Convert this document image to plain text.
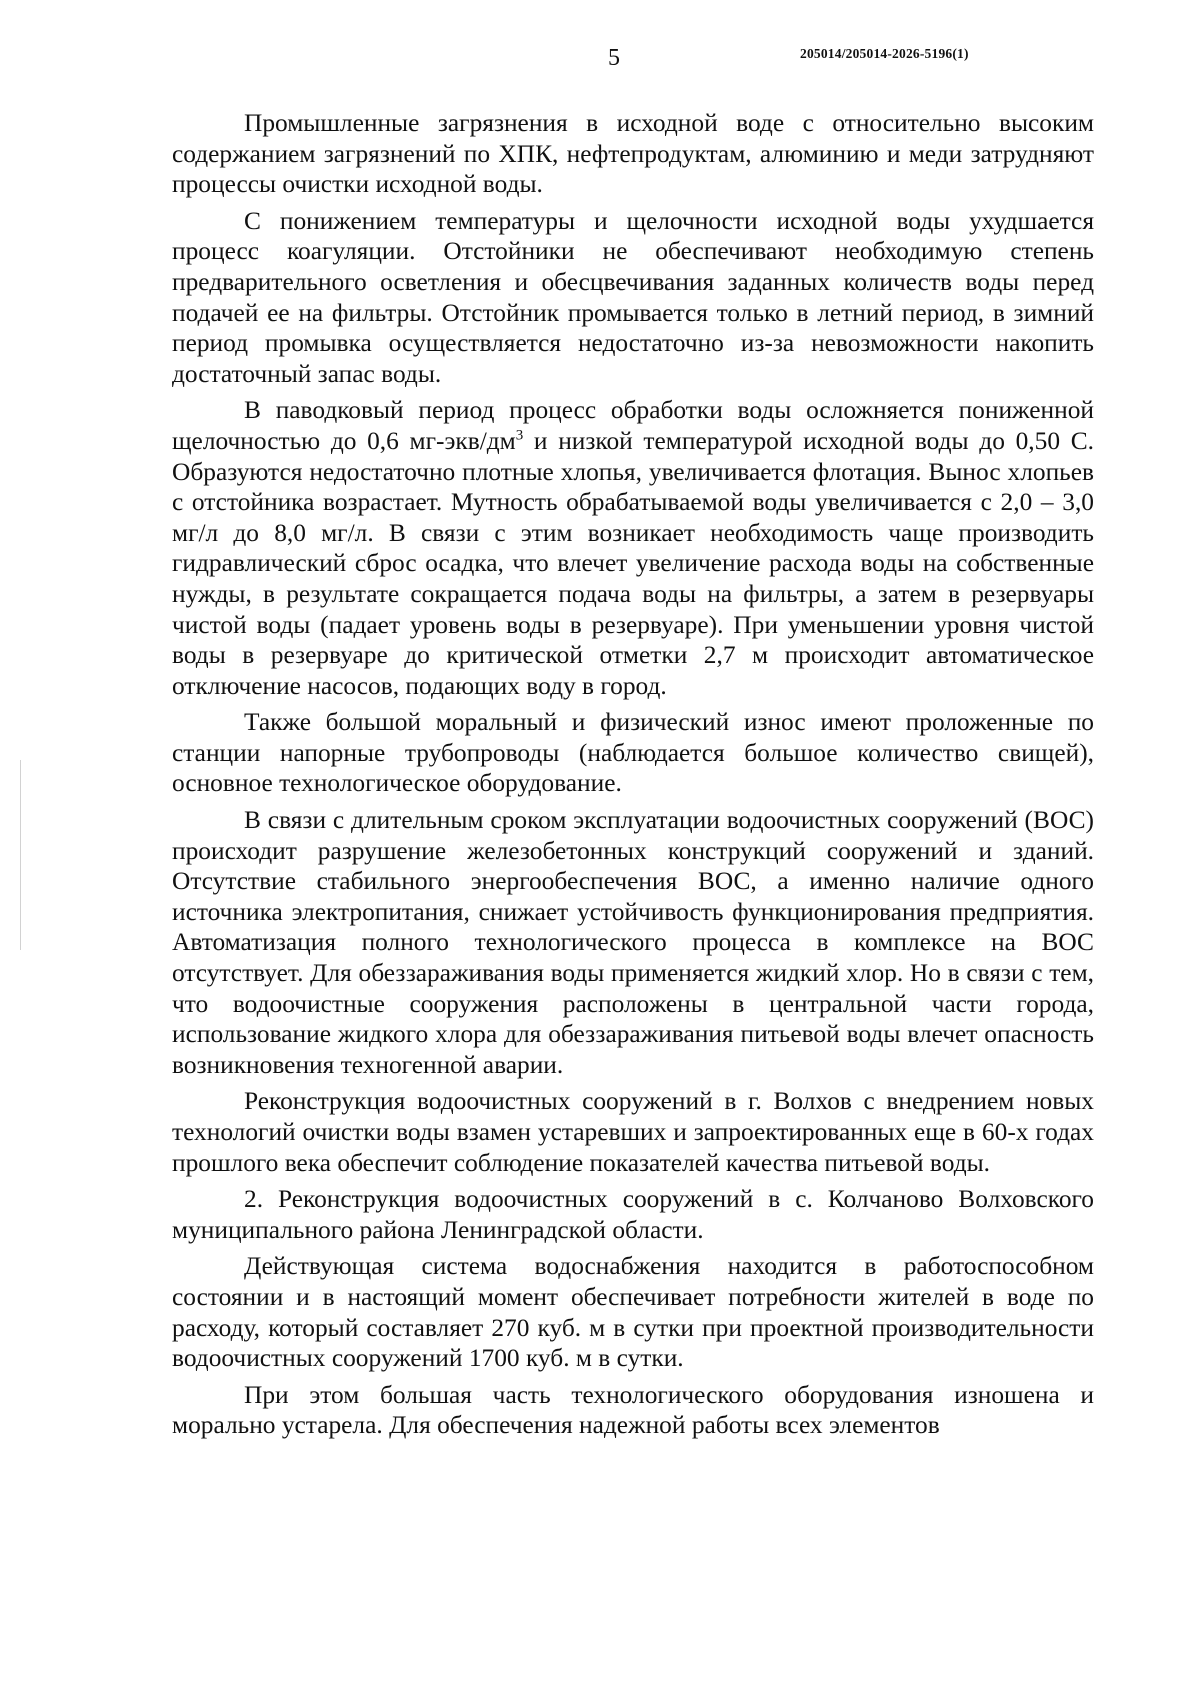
5	205014/205014-2026-5196(1)

Промышленные загрязнения в исходной воде с относительно высоким содержанием загрязнений по ХПК, нефтепродуктам, алюминию и меди затрудняют процессы очистки исходной воды.

С понижением температуры и щелочности исходной воды ухудшается процесс коагуляции. Отстойники не обеспечивают необходимую степень предварительного осветления и обесцвечивания заданных количеств воды перед подачей ее на фильтры. Отстойник промывается только в летний период, в зимний период промывка осуществляется недостаточно из-за невозможности накопить достаточный запас воды.

В паводковый период процесс обработки воды осложняется пониженной щелочностью до 0,6 $мг-экв/дм^3$ и низкой температурой исходной воды до 0,50 С. Образуются недостаточно плотные хлопья, увеличивается флотация. Вынос хлопьев с отстойника возрастает. Мутность обрабатываемой воды увеличивается с 2,0 – 3,0 мг/л до 8,0 мг/л. В связи с этим возникает необходимость чаще производить гидравлический сброс осадка, что влечет увеличение расхода воды на собственные нужды, в результате сокращается подача воды на фильтры, а затем в резервуары чистой воды (падает уровень воды в резервуаре). При уменьшении уровня чистой воды в резервуаре до критической отметки 2,7 м происходит автоматическое отключение насосов, подающих воду в город.

Также большой моральный и физический износ имеют проложенные по станции напорные трубопроводы (наблюдается большое количество свищей), основное технологическое оборудование.

В связи с длительным сроком эксплуатации водоочистных сооружений (ВОС) происходит разрушение железобетонных конструкций сооружений и зданий. Отсутствие стабильного энергообеспечения ВОС, а именно наличие одного источника электропитания, снижает устойчивость функционирования предприятия. Автоматизация полного технологического процесса в комплексе на ВОС отсутствует. Для обеззараживания воды применяется жидкий хлор. Но в связи с тем, что водоочистные сооружения расположены в центральной части города, использование жидкого хлора для обеззараживания питьевой воды влечет опасность возникновения техногенной аварии.

Реконструкция водоочистных сооружений в г. Волхов с внедрением новых технологий очистки воды взамен устаревших и запроектированных еще в 60-х годах прошлого века обеспечит соблюдение показателей качества питьевой воды.

2. Реконструкция водоочистных сооружений в с. Колчаново Волховского муниципального района Ленинградской области.

Действующая система водоснабжения находится в работоспособном состоянии и в настоящий момент обеспечивает потребности жителей в воде по расходу, который составляет 270 куб. м в сутки при проектной производительности водоочистных сооружений 1700 куб. м в сутки.

При этом большая часть технологического оборудования изношена и морально устарела. Для обеспечения надежной работы всех элементов
